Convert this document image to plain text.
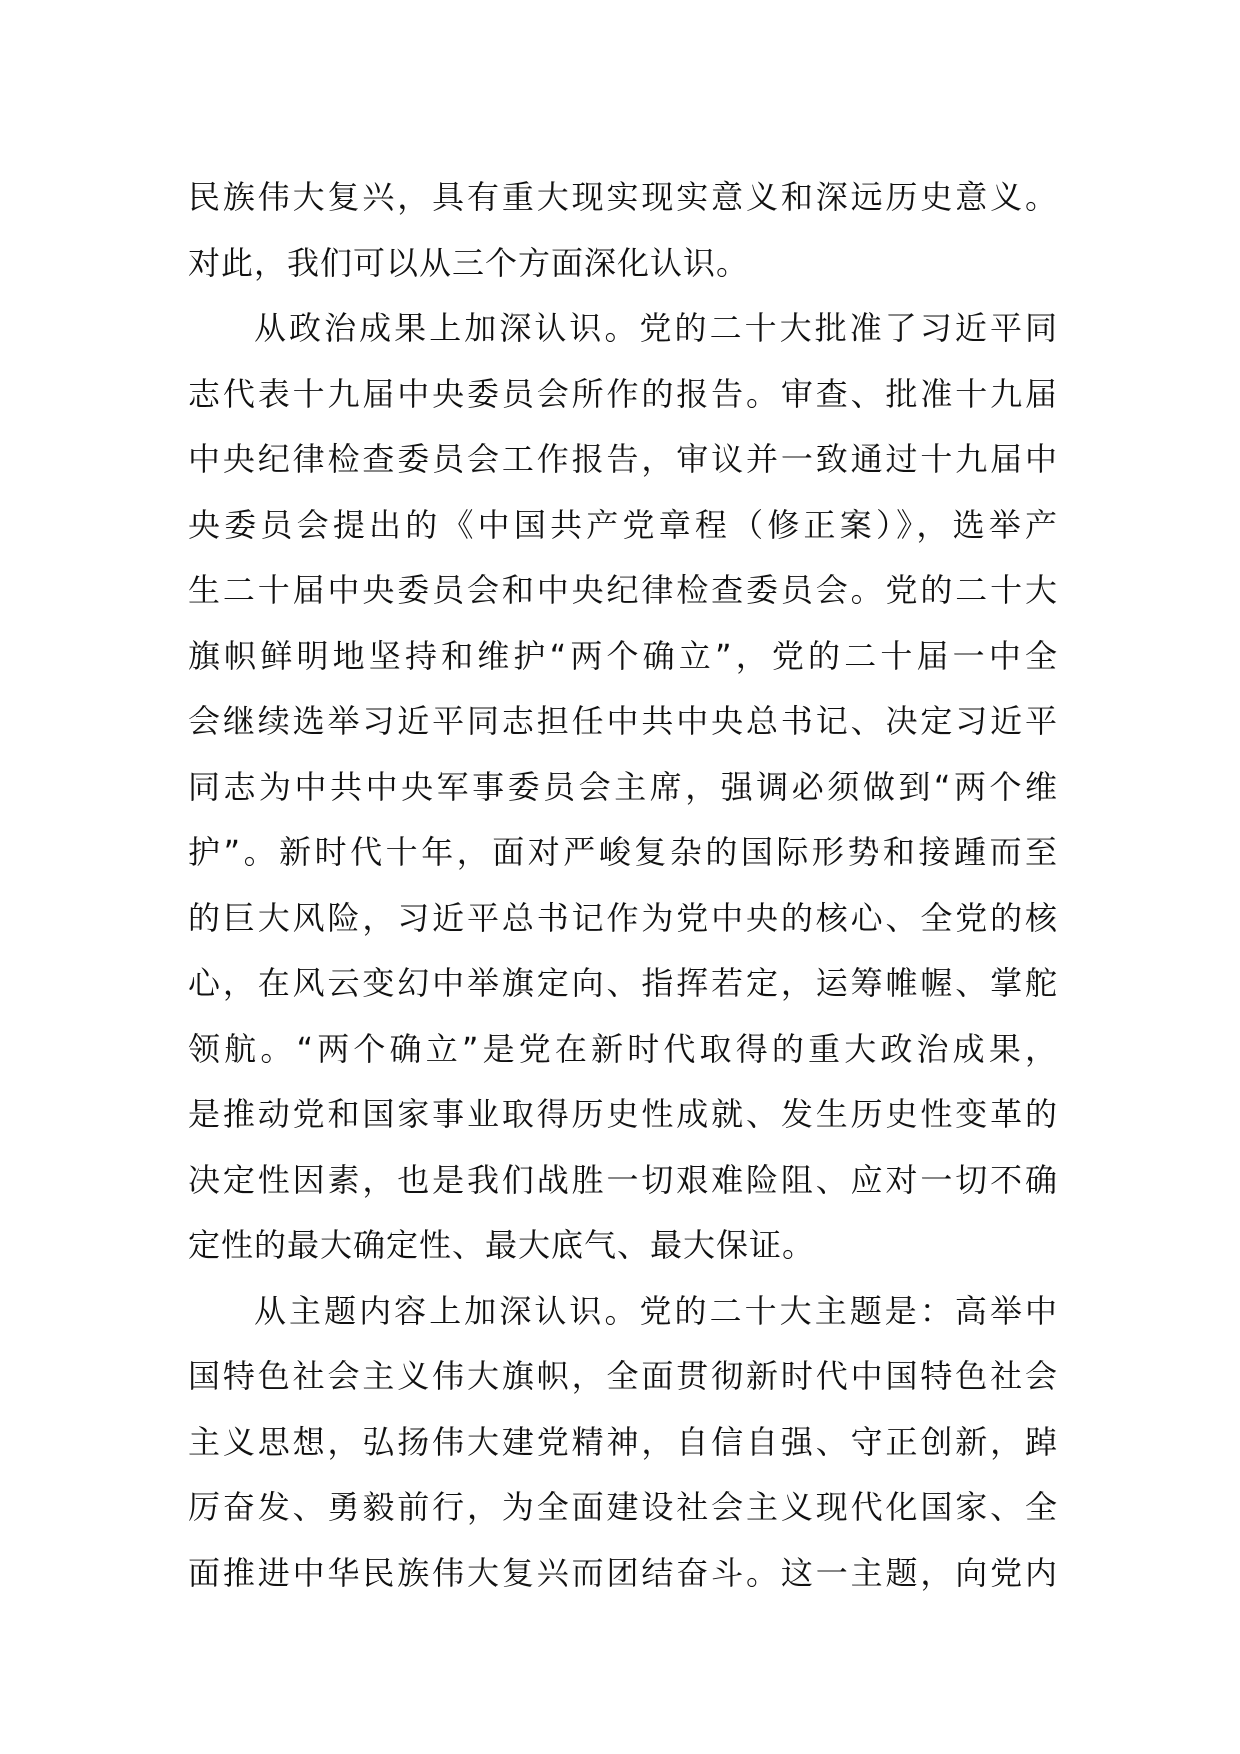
民族伟大复兴，具有重大现实现实意义和深远历史意义。
对此，我们可以从三个方面深化认识。

从政治成果上加深认识。党的二十大批准了习近平同
志代表十九届中央委员会所作的报告。审查、批准十九届
中央纪律检查委员会工作报告，审议并一致通过十九届中
央委员会提出的《中国共产党章程（修正案）》，选举产
生二十届中央委员会和中央纪律检查委员会。党的二十大
旗帜鲜明地坚持和维护“两个确立”，党的二十届一中全
会继续选举习近平同志担任中共中央总书记、决定习近平
同志为中共中央军事委员会主席，强调必须做到“两个维
护”。新时代十年，面对严峻复杂的国际形势和接踵而至
的巨大风险，习近平总书记作为党中央的核心、全党的核
心，在风云变幻中举旗定向、指挥若定，运筹帷幄、掌舵
领航。“两个确立”是党在新时代取得的重大政治成果，
是推动党和国家事业取得历史性成就、发生历史性变革的
决定性因素，也是我们战胜一切艰难险阻、应对一切不确
定性的最大确定性、最大底气、最大保证。

从主题内容上加深认识。党的二十大主题是：高举中
国特色社会主义伟大旗帜，全面贯彻新时代中国特色社会
主义思想，弘扬伟大建党精神，自信自强、守正创新，踔
厉奋发、勇毅前行，为全面建设社会主义现代化国家、全
面推进中华民族伟大复兴而团结奋斗。这一主题，向党内
